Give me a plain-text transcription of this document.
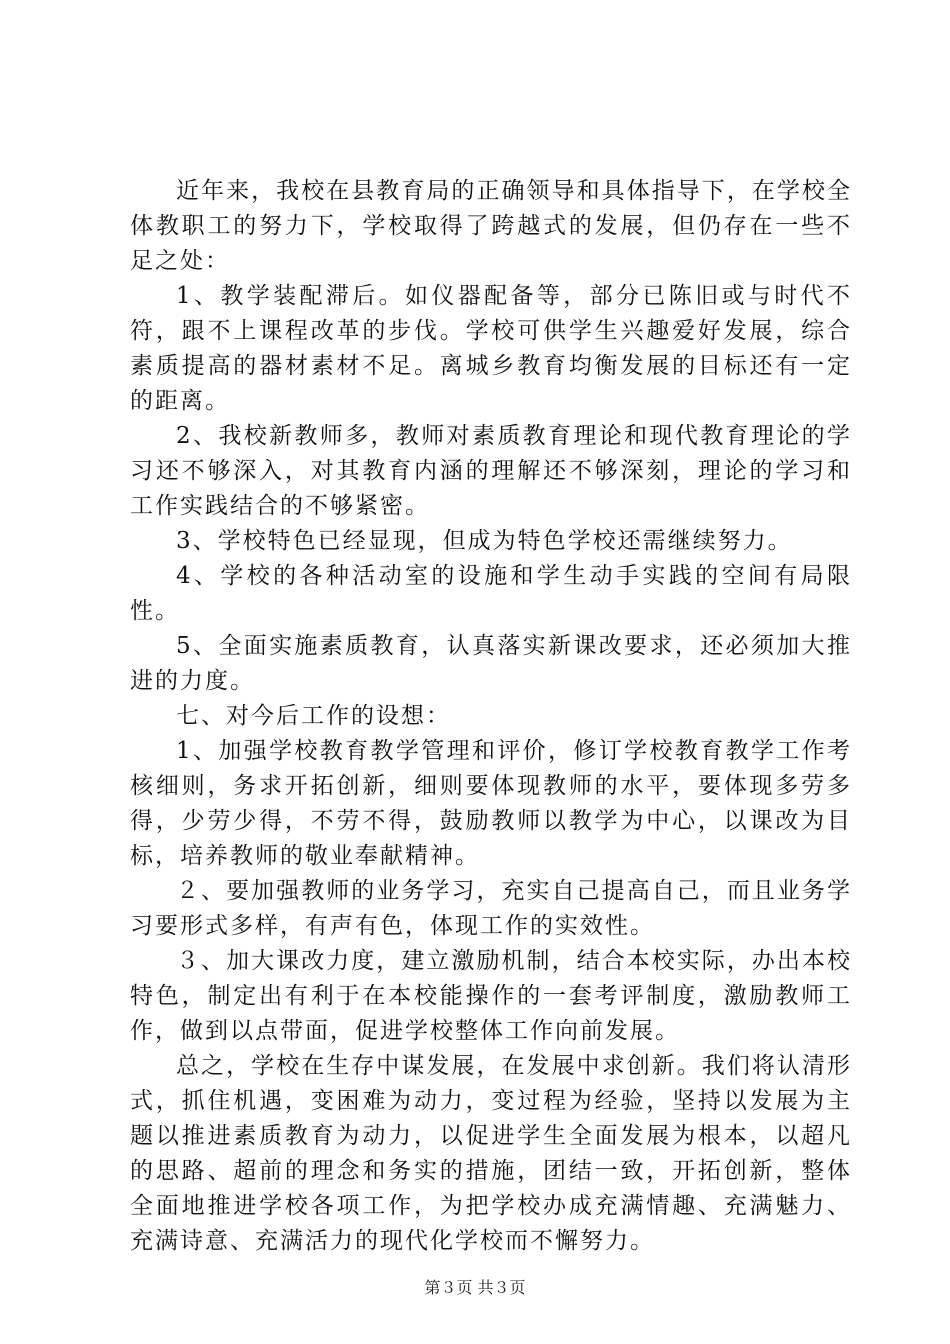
近年来，我校在县教育局的正确领导和具体指导下，在学校全体教职工的努力下，学校取得了跨越式的发展，但仍存在一些不足之处：

1、教学装配滞后。如仪器配备等，部分已陈旧或与时代不符，跟不上课程改革的步伐。学校可供学生兴趣爱好发展，综合素质提高的器材素材不足。离城乡教育均衡发展的目标还有一定的距离。

2、我校新教师多，教师对素质教育理论和现代教育理论的学习还不够深入，对其教育内涵的理解还不够深刻，理论的学习和工作实践结合的不够紧密。

3、学校特色已经显现，但成为特色学校还需继续努力。

4、学校的各种活动室的设施和学生动手实践的空间有局限性。

5、全面实施素质教育，认真落实新课改要求，还必须加大推进的力度。

七、对今后工作的设想：

1、加强学校教育教学管理和评价，修订学校教育教学工作考核细则，务求开拓创新，细则要体现教师的水平，要体现多劳多得，少劳少得，不劳不得，鼓励教师以教学为中心，以课改为目标，培养教师的敬业奉献精神。

２、要加强教师的业务学习，充实自己提高自己，而且业务学习要形式多样，有声有色，体现工作的实效性。

３、加大课改力度，建立激励机制，结合本校实际，办出本校特色，制定出有利于在本校能操作的一套考评制度，激励教师工作，做到以点带面，促进学校整体工作向前发展。

总之，学校在生存中谋发展，在发展中求创新。我们将认清形式，抓住机遇，变困难为动力，变过程为经验，坚持以发展为主题以推进素质教育为动力，以促进学生全面发展为根本，以超凡的思路、超前的理念和务实的措施，团结一致，开拓创新，整体全面地推进学校各项工作，为把学校办成充满情趣、充满魅力、充满诗意、充满活力的现代化学校而不懈努力。

第３页 共３页
